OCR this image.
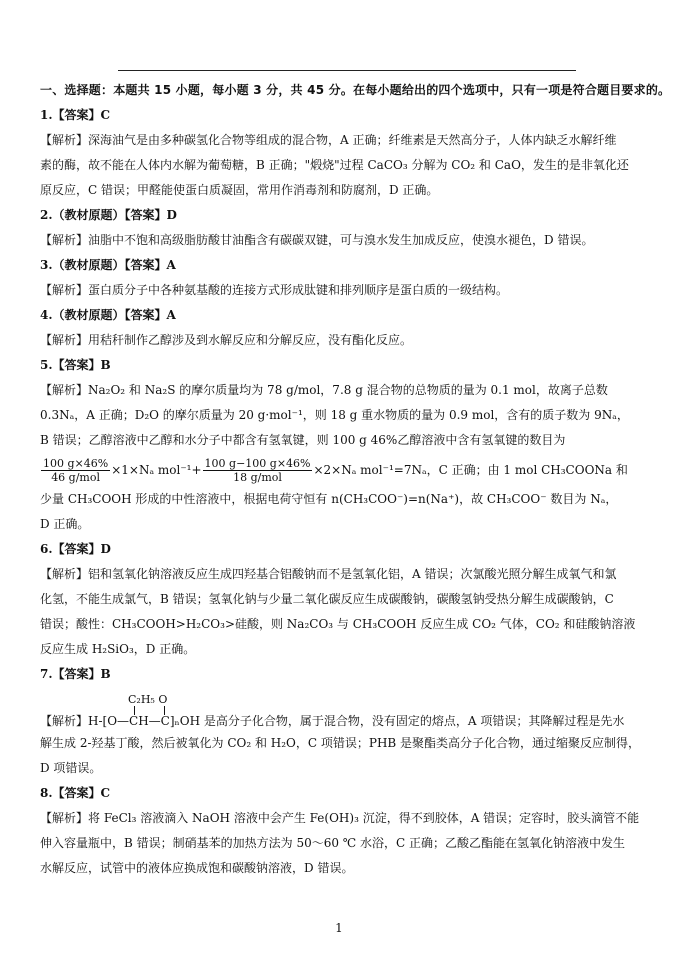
一、选择题：本题共 15 小题，每小题 3 分，共 45 分。在每小题给出的四个选项中，只有一项是符合题目要求的。
1.【答案】C
【解析】深海油气是由多种碳氢化合物等组成的混合物，A 正确；纤维素是天然高分子，人体内缺乏水解纤维
素的酶，故不能在人体内水解为葡萄糖，B 正确；"煅烧"过程 CaCO₃ 分解为 CO₂ 和 CaO，发生的是非氧化还
原反应，C 错误；甲醛能使蛋白质凝固，常用作消毒剂和防腐剂，D 正确。
2.（教材原题）【答案】D
【解析】油脂中不饱和高级脂肪酸甘油酯含有碳碳双键，可与溴水发生加成反应，使溴水褪色，D 错误。
3.（教材原题）【答案】A
【解析】蛋白质分子中各种氨基酸的连接方式形成肽键和排列顺序是蛋白质的一级结构。
4.（教材原题）【答案】A
【解析】用秸秆制作乙醇涉及到水解反应和分解反应，没有酯化反应。
5.【答案】B
【解析】Na₂O₂ 和 Na₂S 的摩尔质量均为 78 g/mol，7.8 g 混合物的总物质的量为 0.1 mol，故离子总数
0.3Nₐ，A 正确；D₂O 的摩尔质量为 20 g·mol⁻¹，则 18 g 重水物质的量为 0.9 mol，含有的质子数为 9Nₐ，
B 错误；乙醇溶液中乙醇和水分子中都含有氢氧键，则 100 g 46%乙醇溶液中含有氢氧键的数目为
$\frac{100 g\times 46\%}{\text{46 g/mol}} \times 1\times N_a$ $mol^{-1}+ \frac{100 g-100 g\times 46\%}{\text{18 g/mol}} \times 2\times N_a$ mol⁻¹=7Nₐ，C 正确；由 1 mol CH₃COONa 和
少量 CH₃COOH 形成的中性溶液中，根据电荷守恒有 n(CH₃COO⁻)=n(Na⁺)，故 CH₃COO⁻ 数目为 Nₐ，
D 正确。
6.【答案】D
【解析】铝和氢氧化钠溶液反应生成四羟基合铝酸钠而不是氢氧化铝，A 错误；次氯酸光照分解生成氧气和氯
化氢，不能生成氯气，B 错误；氢氧化钠与少量二氧化碳反应生成碳酸钠，碳酸氢钠受热分解生成碳酸钠，C
错误；酸性：CH₃COOH>H₂CO₃>硅酸，则 Na₂CO₃ 与 CH₃COOH 反应生成 CO₂ 气体，CO₂ 和硅酸钠溶液
反应生成 H₂SiO₃，D 正确。
7.【答案】B
C₂H₅ O
【解析】H-[O—CH—C]ₙOH 是高分子化合物，属于混合物，没有固定的熔点，A 项错误；其降解过程是先水
解生成 2-羟基丁酸，然后被氧化为 CO₂ 和 H₂O，C 项错误；PHB 是聚酯类高分子化合物，通过缩聚反应制得，
D 项错误。
8.【答案】C
【解析】将 FeCl₃ 溶液滴入 NaOH 溶液中会产生 Fe(OH)₃ 沉淀，得不到胶体，A 错误；定容时，胶头滴管不能
伸入容量瓶中，B 错误；制硝基苯的加热方法为 50～60 ℃ 水浴，C 正确；乙酸乙酯能在氢氧化钠溶液中发生
水解反应，试管中的液体应换成饱和碳酸钠溶液，D 错误。
1
